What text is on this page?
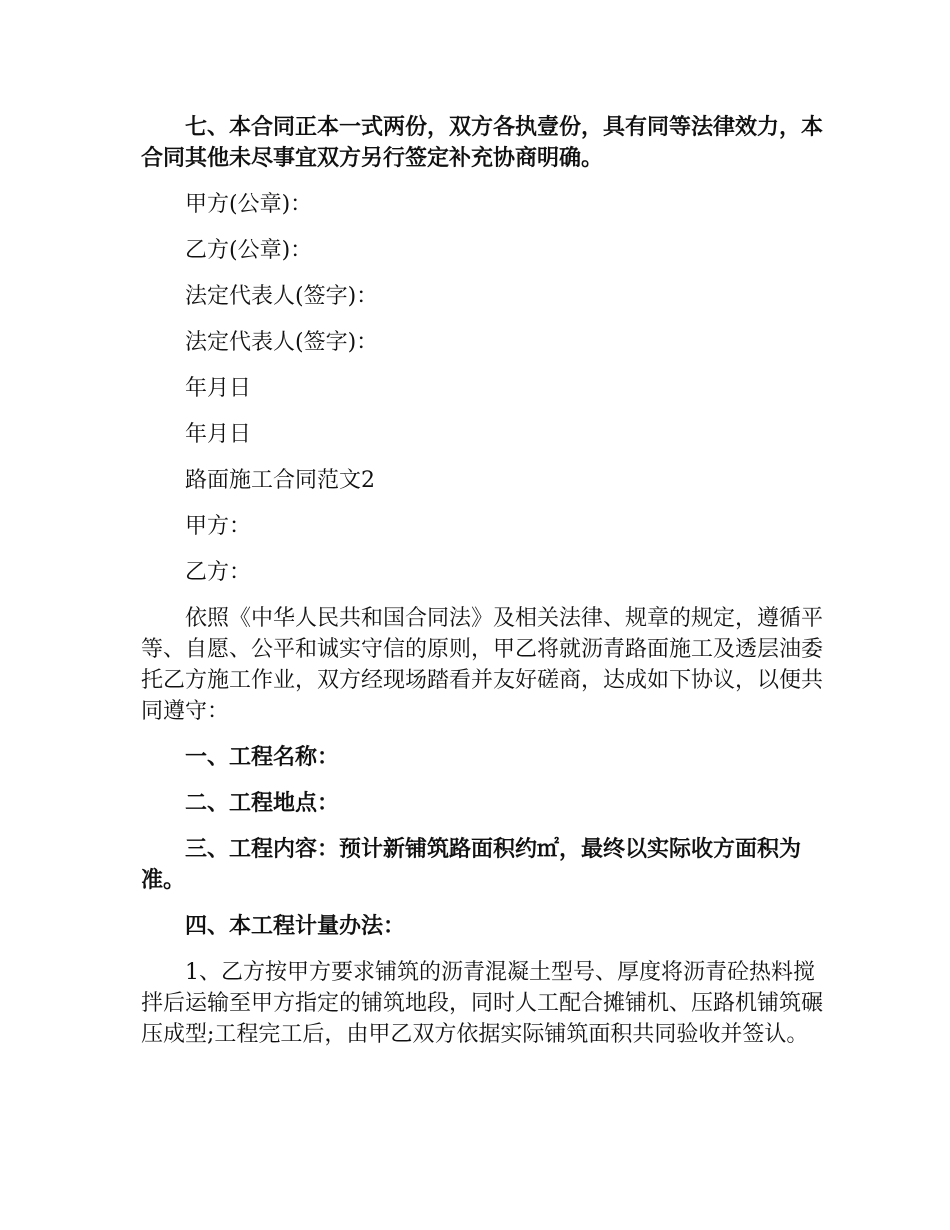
七、本合同正本一式两份，双方各执壹份，具有同等法律效力，本合同其他未尽事宜双方另行签定补充协商明确。

甲方(公章)：

乙方(公章)：

法定代表人(签字)：

法定代表人(签字)：

年月日

年月日

路面施工合同范文2

甲方：

乙方：

依照《中华人民共和国合同法》及相关法律、规章的规定，遵循平等、自愿、公平和诚实守信的原则，甲乙将就沥青路面施工及透层油委托乙方施工作业，双方经现场踏看并友好磋商，达成如下协议，以便共同遵守：

一、工程名称：

二、工程地点：

三、工程内容：预计新铺筑路面积约㎡，最终以实际收方面积为准。

四、本工程计量办法：

1、乙方按甲方要求铺筑的沥青混凝土型号、厚度将沥青砼热料搅拌后运输至甲方指定的铺筑地段，同时人工配合摊铺机、压路机铺筑碾压成型;工程完工后，由甲乙双方依据实际铺筑面积共同验收并签认。
